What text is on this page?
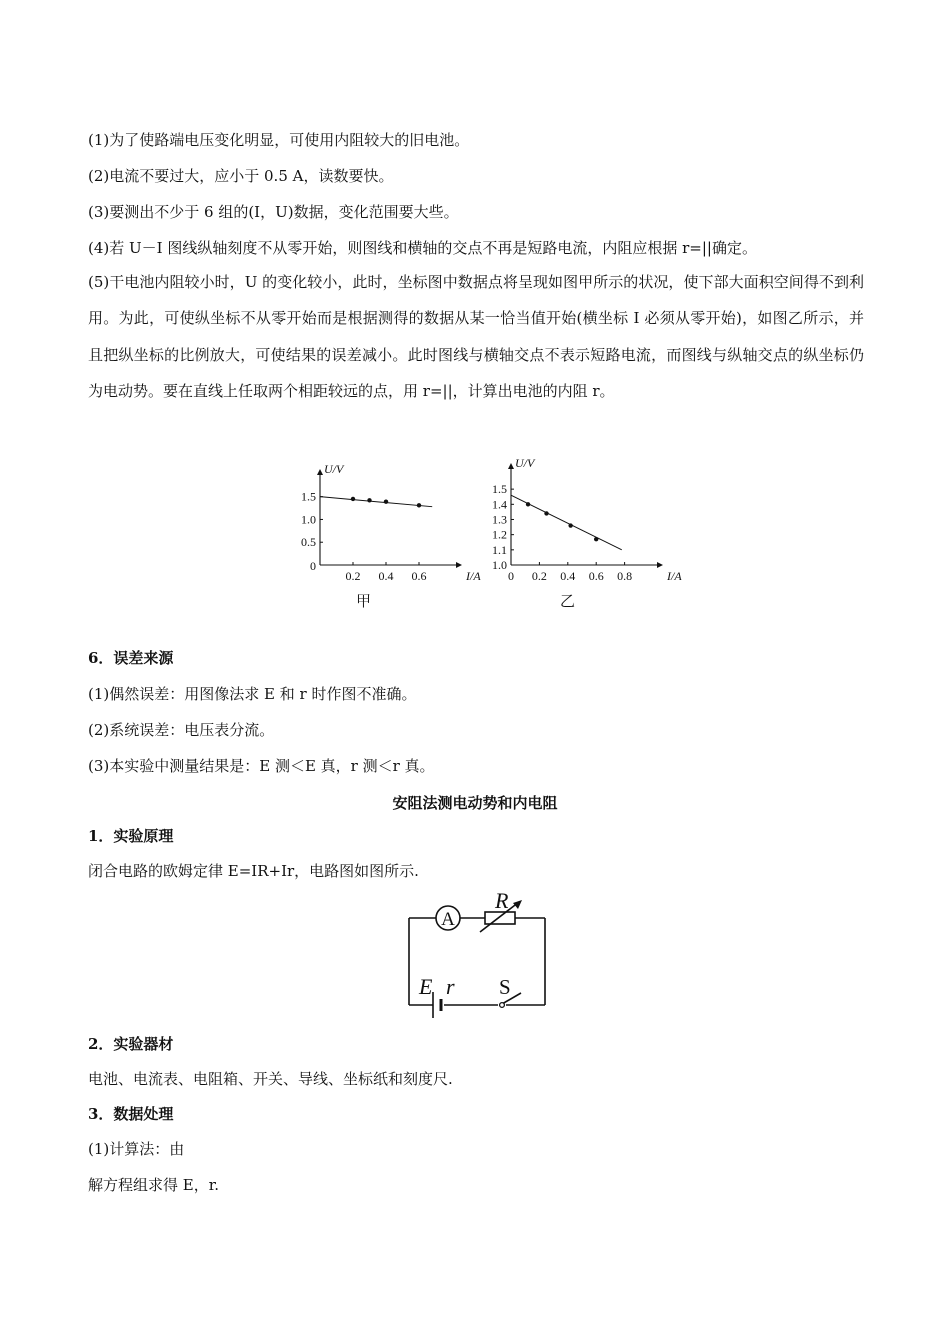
(1)为了使路端电压变化明显，可使用内阻较大的旧电池。
(2)电流不要过大，应小于 0.5 A，读数要快。
(3)要测出不少于 6 组的(I，U)数据，变化范围要大些。
(4)若 U－I 图线纵轴刻度不从零开始，则图线和横轴的交点不再是短路电流，内阻应根据 r=||确定。
(5)干电池内阻较小时，U 的变化较小，此时，坐标图中数据点将呈现如图甲所示的状况，使下部大面积空间得不到利用。为此，可使纵坐标不从零开始而是根据测得的数据从某一恰当值开始(横坐标 I 必须从零开始)，如图乙所示，并且把纵坐标的比例放大，可使结果的误差减小。此时图线与横轴交点不表示短路电流，而图线与纵轴交点的纵坐标仍为电动势。要在直线上任取两个相距较远的点，用 r=||，计算出电池的内阻 r。
0
0.5
1.0
1.5
0.2 0.4 0.6
U/V
I/A
甲
1.0
1.1
1.2
1.3
1.4
1.5
0 0.2 0.4 0.6 0.8
U/V
I/A
乙
6．误差来源
(1)偶然误差：用图像法求 E 和 r 时作图不准确。
(2)系统误差：电压表分流。
(3)本实验中测量结果是：E 测＜E 真，r 测＜r 真。
安阻法测电动势和内电阻
1．实验原理
闭合电路的欧姆定律 E=IR+Ir，电路图如图所示.
A
R
E r S
2．实验器材
电池、电流表、电阻箱、开关、导线、坐标纸和刻度尺.
3．数据处理
(1)计算法：由
解方程组求得 E，r.
